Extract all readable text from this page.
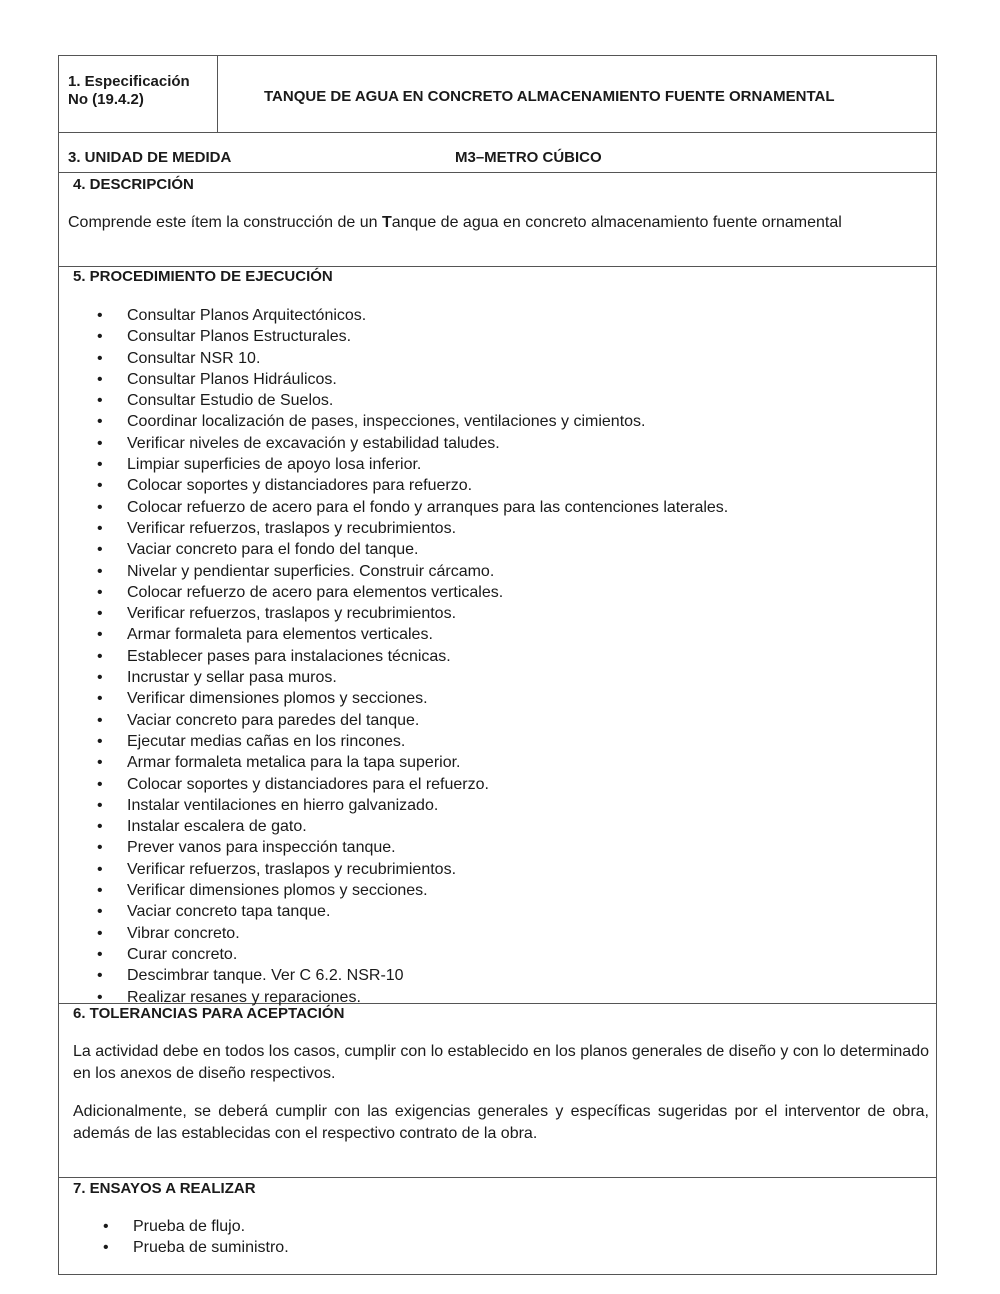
1. Especificación
No (19.4.2)	TANQUE DE AGUA EN CONCRETO ALMACENAMIENTO FUENTE ORNAMENTAL
3. UNIDAD DE MEDIDA	M3–METRO CÚBICO
4. DESCRIPCIÓN
Comprende este ítem la construcción de un Tanque de agua en concreto almacenamiento fuente ornamental
5. PROCEDIMIENTO DE EJECUCIÓN
• Consultar Planos Arquitectónicos.
• Consultar Planos Estructurales.
• Consultar NSR 10.
• Consultar Planos Hidráulicos.
• Consultar Estudio de Suelos.
• Coordinar localización de pases, inspecciones, ventilaciones y cimientos.
• Verificar niveles de excavación y estabilidad taludes.
• Limpiar superficies de apoyo losa inferior.
• Colocar soportes y distanciadores para refuerzo.
• Colocar refuerzo de acero para el fondo y arranques para las contenciones laterales.
• Verificar refuerzos, traslapos y recubrimientos.
• Vaciar concreto para el fondo del tanque.
• Nivelar y pendientar superficies. Construir cárcamo.
• Colocar refuerzo de acero para elementos verticales.
• Verificar refuerzos, traslapos y recubrimientos.
• Armar formaleta para elementos verticales.
• Establecer pases para instalaciones técnicas.
• Incrustar y sellar pasa muros.
• Verificar dimensiones plomos y secciones.
• Vaciar concreto para paredes del tanque.
• Ejecutar medias cañas en los rincones.
• Armar formaleta metalica para la tapa superior.
• Colocar soportes y distanciadores para el refuerzo.
• Instalar ventilaciones en hierro galvanizado.
• Instalar escalera de gato.
• Prever vanos para inspección tanque.
• Verificar refuerzos, traslapos y recubrimientos.
• Verificar dimensiones plomos y secciones.
• Vaciar concreto tapa tanque.
• Vibrar concreto.
• Curar concreto.
• Descimbrar tanque. Ver C 6.2. NSR-10
• Realizar resanes y reparaciones.
6. TOLERANCIAS PARA ACEPTACIÓN
La actividad debe en todos los casos, cumplir con lo establecido en los planos generales de diseño y con lo determinado en los anexos de diseño respectivos.
Adicionalmente, se deberá cumplir con las exigencias generales y específicas sugeridas por el interventor de obra, además de las establecidas con el respectivo contrato de la obra.
7. ENSAYOS A REALIZAR
• Prueba de flujo.
• Prueba de suministro.
